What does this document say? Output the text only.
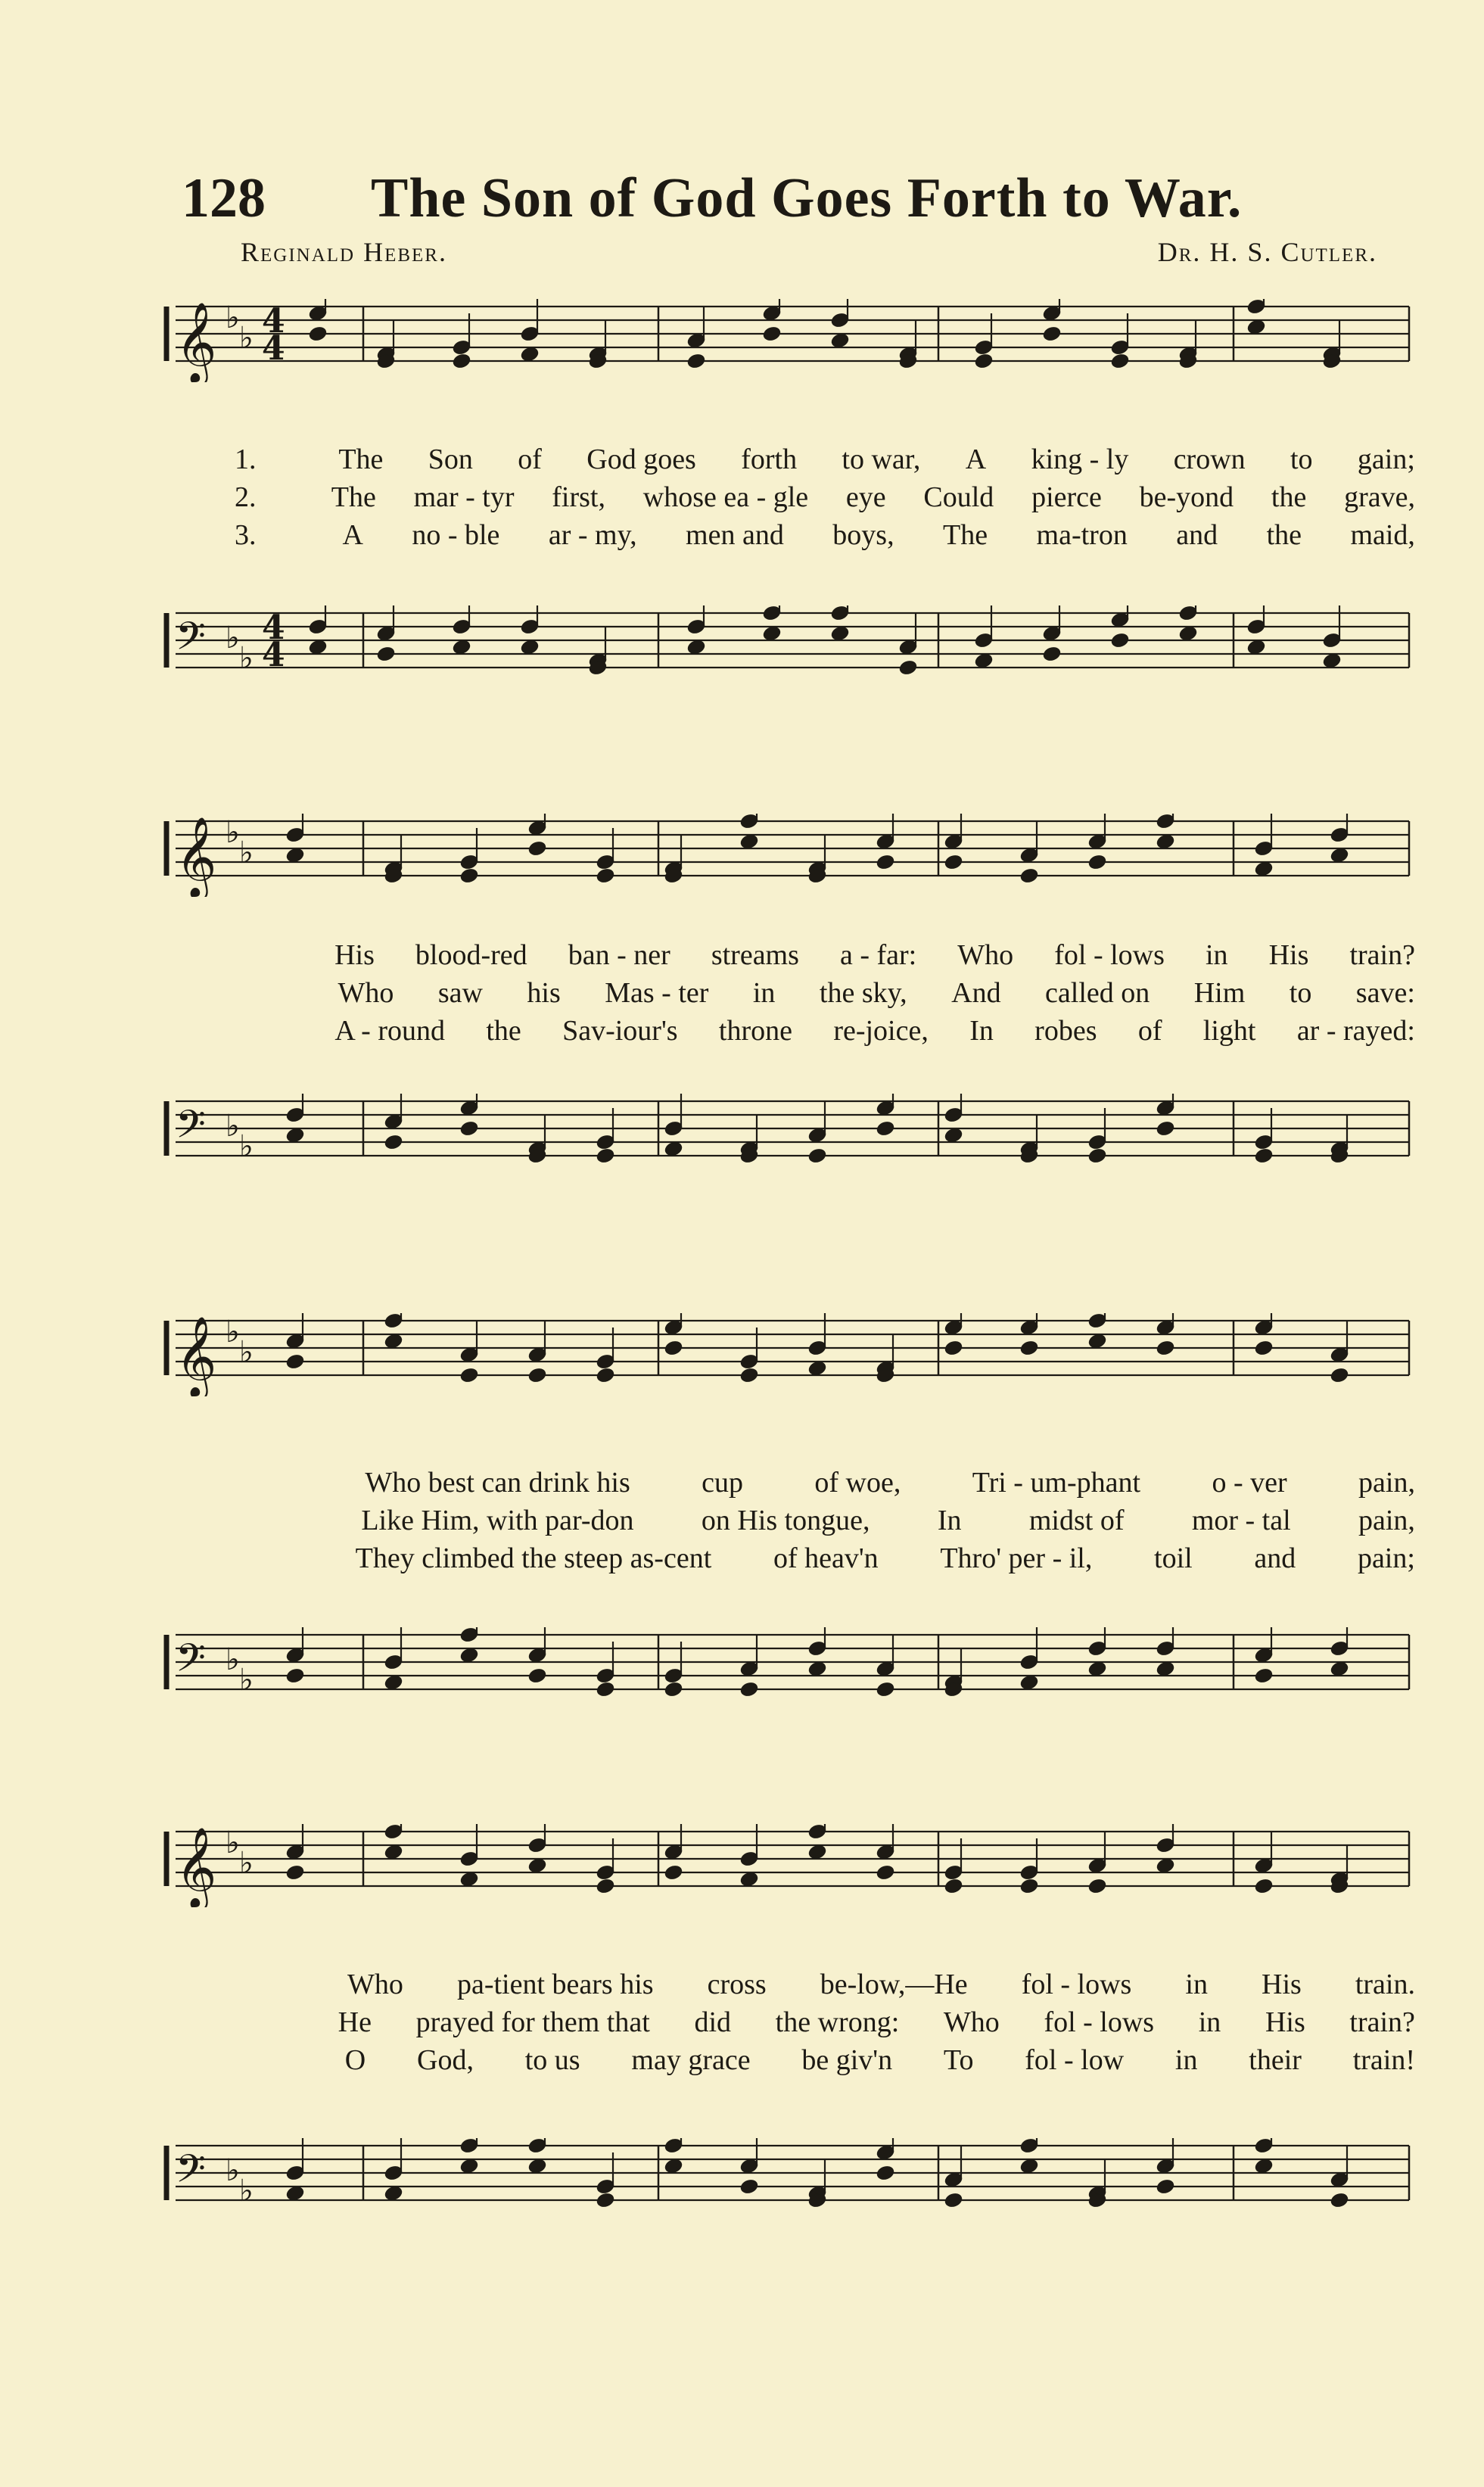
128 The Son of God Goes Forth to War.
Reginald Heber.	Dr. H. S. Cutler.
𝄞 ♭
♭ 4
4
1.	The Son of God goes forth to war, A king - ly crown to gain;
2.	The mar - tyr first, whose ea - gle eye Could pierce be-yond the grave,
3.	A no - ble ar - my, men and boys, The ma-tron and the maid,
𝄢 ♭
♭
4
4
𝄞 ♭
♭
His blood-red ban - ner streams a - far: Who fol - lows in His train?
Who saw his Mas - ter in the sky, And called on Him to save:
A - round the Sav-iour's throne re-joice, In robes of light ar - rayed:
𝄢 ♭
♭
𝄞 ♭
♭
Who best can drink his cup of woe, Tri - um-phant o - ver pain,
Like Him, with par-don on His tongue, In midst of mor - tal pain,
They climbed the steep as-cent of heav'n Thro' per - il, toil and pain;
𝄢 ♭
♭
𝄞 ♭
♭
Who pa-tient bears his cross be-low,—He fol - lows in His train.
He prayed for them that did the wrong: Who fol - lows in His train?
O God, to us may grace be giv'n To fol - low in their train!
𝄢 ♭
♭
